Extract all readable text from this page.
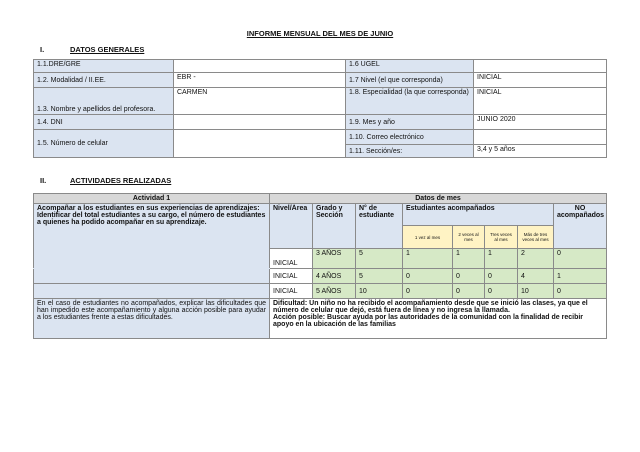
INFORME MENSUAL DEL MES DE JUNIO
I.	DATOS GENERALES
1.1.DRE/GRE		1.6 UGEL	
1.2. Modalidad / II.EE.	EBR -	1.7 Nivel (el que corresponda)	INICIAL
1.3. Nombre y apellidos del profesora.	CARMEN	1.8. Especialidad (la que corresponda)	INICIAL
1.4. DNI		1.9. Mes y año	JUNIO 2020
1.5. Número de celular		1.10. Correo electrónico	
		1.11. Sección/es:	3,4 y 5 años
II.	ACTIVIDADES REALIZADAS
Actividad 1	Datos de mes							
Acompañar a los estudiantes en sus experiencias de aprendizajes: Identificar del total estudiantes a su cargo, el número de estudiantes a quienes ha podido acompañar en su aprendizaje.	Nivel/Área	Grado y Sección	N° de estudiante	Estudiantes acompañados				NO acompañados
				1 vez al mes	2 veces al mes	Tres veces al mes	Más de tres veces al mes	
	INICIAL	3 AÑOS	5	1	1	1	2	0
	INICIAL	4 AÑOS	5	0	0	0	4	1
	INICIAL	5 AÑOS	10	0	0	0	10	0
En el caso de estudiantes no acompañados, explicar las dificultades que han impedido este acompañamiento y alguna acción posible para ayudar a los estudiantes frente a estas dificultades.	Dificultad: Un niño no ha recibido el acompañamiento desde que se inició las clases, ya que el número de celular que dejó, está fuera de línea y no ingresa la llamada.
Acción posible: Buscar ayuda por las autoridades de la comunidad con la finalidad de recibir apoyo en la ubicación de las familias							
